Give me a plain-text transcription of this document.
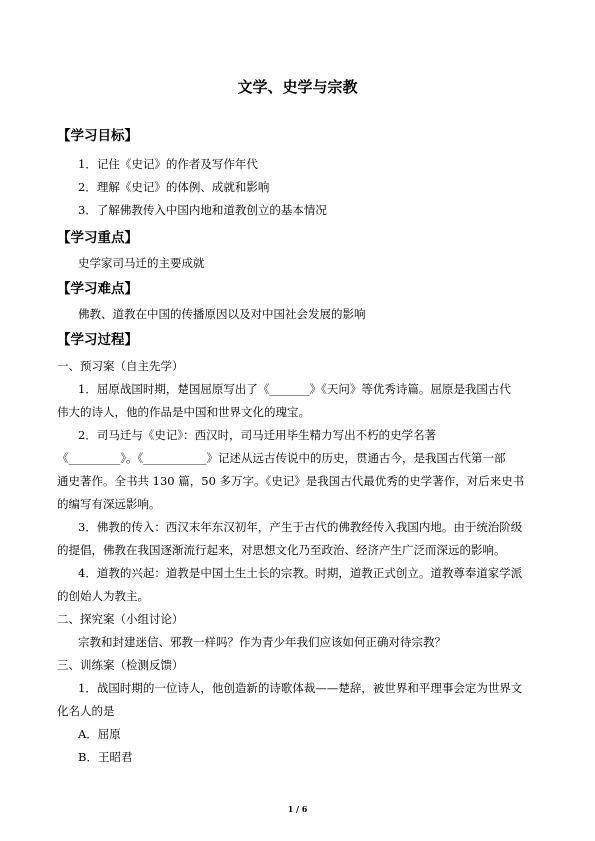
文学、史学与宗教
【学习目标】
1．记住《史记》的作者及写作年代
2．理解《史记》的体例、成就和影响
3．了解佛教传入中国内地和道教创立的基本情况
【学习重点】
史学家司马迁的主要成就
【学习难点】
佛教、道教在中国的传播原因以及对中国社会发展的影响
【学习过程】
一、预习案（自主先学）
1．屈原战国时期，楚国屈原写出了《_______》《天问》等优秀诗篇。屈原是我国古代
伟大的诗人，他的作品是中国和世界文化的瑰宝。
2．司马迁与《史记》：西汉时，司马迁用毕生精力写出不朽的史学名著
《_________》。《___________》记述从远古传说中的历史，贯通古今，是我国古代第一部
通史著作。全书共 130 篇，50 多万字。《史记》是我国古代最优秀的史学著作，对后来史书
的编写有深远影响。
3．佛教的传入：西汉末年东汉初年，产生于古代的佛教经传入我国内地。由于统治阶级
的提倡，佛教在我国逐渐流行起来，对思想文化乃至政治、经济产生广泛而深远的影响。
4．道教的兴起：道教是中国土生土长的宗教。时期，道教正式创立。道教尊奉道家学派
的创始人为教主。
二、探究案（小组讨论）
宗教和封建迷信、邪教一样吗？作为青少年我们应该如何正确对待宗教？
三、训练案（检测反馈）
1．战国时期的一位诗人，他创造新的诗歌体裁——楚辞，被世界和平理事会定为世界文
化名人的是
A．屈原
B．王昭君
1 / 6
